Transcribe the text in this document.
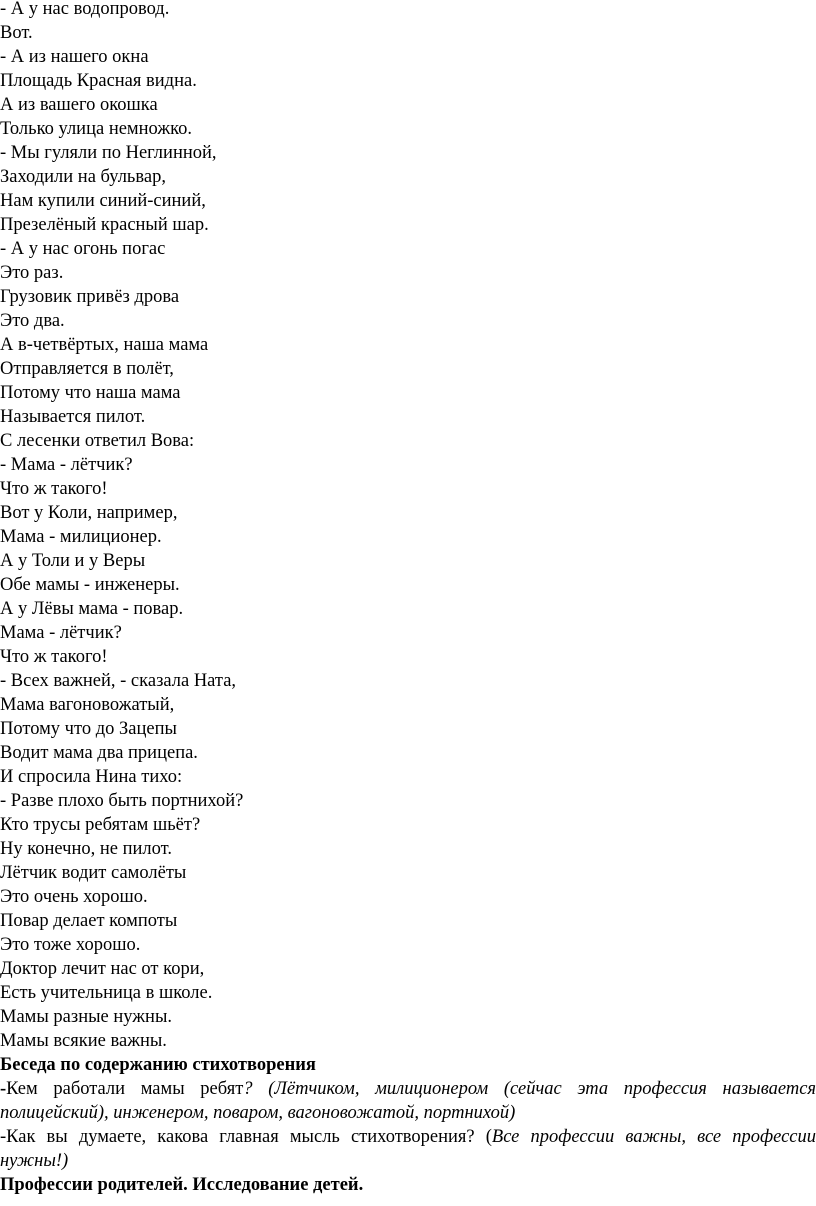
- А у нас водопровод.
Вот.
- А из нашего окна
Площадь Красная видна.
А из вашего окошка
Только улица немножко.
- Мы гуляли по Неглинной,
Заходили на бульвар,
Нам купили синий-синий,
Презелёный красный шар.
- А у нас огонь погас
Это раз.
Грузовик привёз дрова
Это два.
А в-четвёртых, наша мама
Отправляется в полёт,
Потому что наша мама
Называется пилот.
С лесенки ответил Вова:
- Мама - лётчик?
Что ж такого!
Вот у Коли, например,
Мама - милиционер.
А у Толи и у Веры
Обе мамы - инженеры.
А у Лёвы мама - повар.
Мама - лётчик?
Что ж такого!
- Всех важней, - сказала Ната,
Мама вагоновожатый,
Потому что до Зацепы
Водит мама два прицепа.
И спросила Нина тихо:
- Разве плохо быть портнихой?
Кто трусы ребятам шьёт?
Ну конечно, не пилот.
Лётчик водит самолёты
Это очень хорошо.
Повар делает компоты
Это тоже хорошо.
Доктор лечит нас от кори,
Есть учительница в школе.
Мамы разные нужны.
Мамы всякие важны.
Беседа по содержанию стихотворения
-Кем работали мамы ребят? (Лётчиком, милиционером (сейчас эта профессия называется полицейский), инженером, поваром, вагоновожатой, портнихой)
-Как вы думаете, какова главная мысль стихотворения? (Все профессии важны, все профессии нужны!)
Профессии родителей. Исследование детей.
